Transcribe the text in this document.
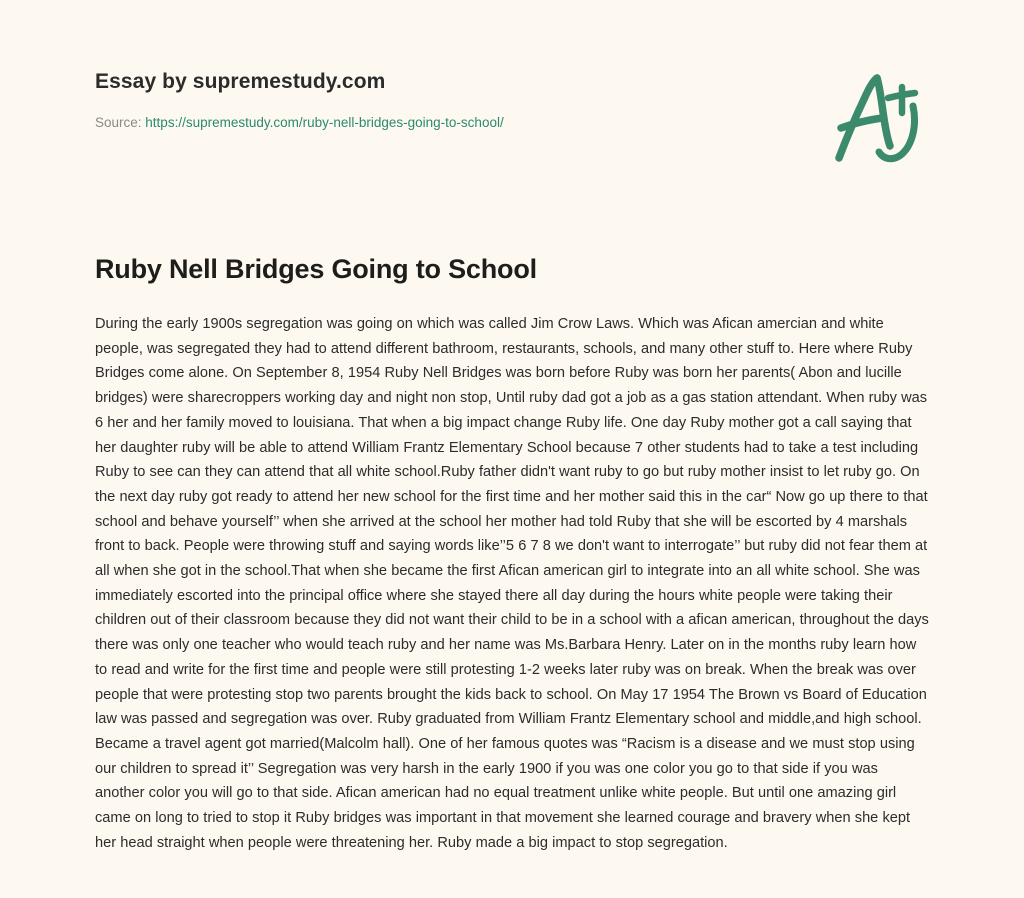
Essay by supremestudy.com
Source: https://supremestudy.com/ruby-nell-bridges-going-to-school/
Ruby Nell Bridges Going to School

During the early 1900s segregation was going on which was called Jim Crow Laws. Which was Afican amercian and white people, was segregated they had to attend different bathroom, restaurants, schools, and many other stuff to. Here where Ruby Bridges come alone. On September 8, 1954 Ruby Nell Bridges was born before Ruby was born her parents( Abon and lucille bridges) were sharecroppers working day and night non stop, Until ruby dad got a job as a gas station attendant. When ruby was 6 her and her family moved to louisiana. That when a big impact change Ruby life. One day Ruby mother got a call saying that her daughter ruby will be able to attend William Frantz Elementary School because 7 other students had to take a test including Ruby to see can they can attend that all white school.Ruby father didn't want ruby to go but ruby mother insist to let ruby go. On the next day ruby got ready to attend her new school for the first time and her mother said this in the car“ Now go up there to that school and behave yourself’’ when she arrived at the school her mother had told Ruby that she will be escorted by 4 marshals front to back. People were throwing stuff and saying words like’’5 6 7 8 we don't want to interrogate’’ but ruby did not fear them at all when she got in the school.That when she became the first Afican american girl to integrate into an all white school. She was immediately escorted into the principal office where she stayed there all day during the hours white people were taking their children out of their classroom because they did not want their child to be in a school with a afican american, throughout the days there was only one teacher who would teach ruby and her name was Ms.Barbara Henry. Later on in the months ruby learn how to read and write for the first time and people were still protesting 1-2 weeks later ruby was on break. When the break was over people that were protesting stop two parents brought the kids back to school. On May 17 1954 The Brown vs Board of Education law was passed and segregation was over. Ruby graduated from William Frantz Elementary school and middle,and high school. Became a travel agent got married(Malcolm hall). One of her famous quotes was “Racism is a disease and we must stop using our children to spread it’’ Segregation was very harsh in the early 1900 if you was one color you go to that side if you was another color you will go to that side. Afican american had no equal treatment unlike white people. But until one amazing girl came on long to tried to stop it Ruby bridges was important in that movement she learned courage and bravery when she kept her head straight when people were threatening her. Ruby made a big impact to stop segregation.
